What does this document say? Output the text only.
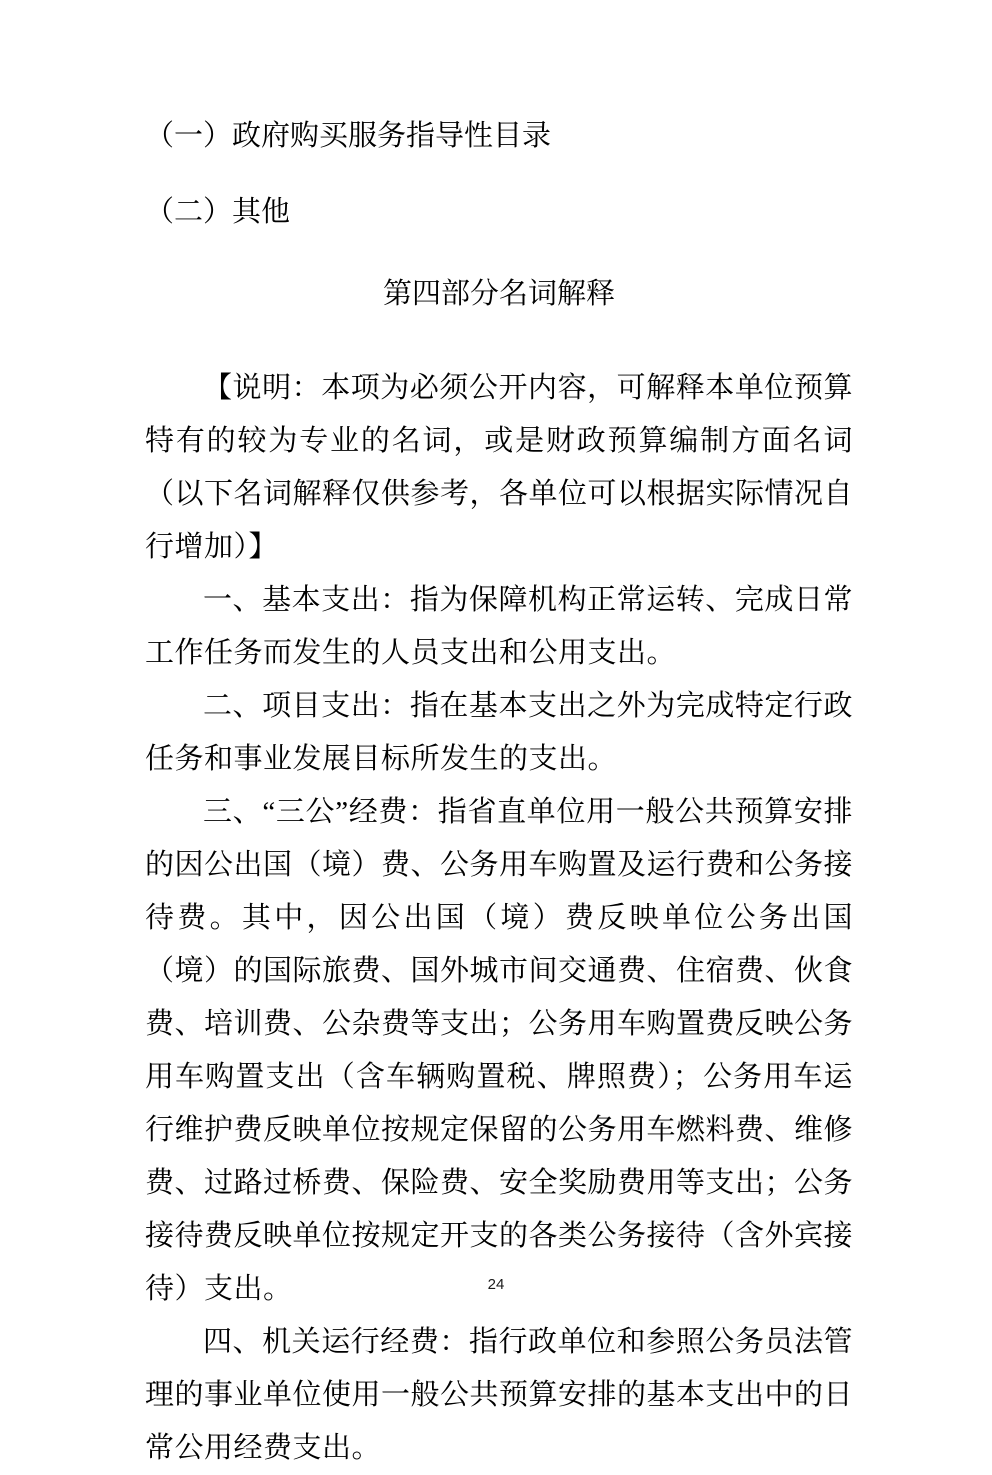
（一）政府购买服务指导性目录
（二）其他
第四部分名词解释

【说明：本项为必须公开内容，可解释本单位预算特有的较为专业的名词，或是财政预算编制方面名词（以下名词解释仅供参考，各单位可以根据实际情况自行增加）】

一、基本支出：指为保障机构正常运转、完成日常工作任务而发生的人员支出和公用支出。

二、项目支出：指在基本支出之外为完成特定行政任务和事业发展目标所发生的支出。

三、“三公”经费：指省直单位用一般公共预算安排的因公出国（境）费、公务用车购置及运行费和公务接待费。其中，因公出国（境）费反映单位公务出国（境）的国际旅费、国外城市间交通费、住宿费、伙食费、培训费、公杂费等支出；公务用车购置费反映公务用车购置支出（含车辆购置税、牌照费）；公务用车运行维护费反映单位按规定保留的公务用车燃料费、维修费、过路过桥费、保险费、安全奖励费用等支出；公务接待费反映单位按规定开支的各类公务接待（含外宾接待）支出。

四、机关运行经费：指行政单位和参照公务员法管理的事业单位使用一般公共预算安排的基本支出中的日常公用经费支出。

24
